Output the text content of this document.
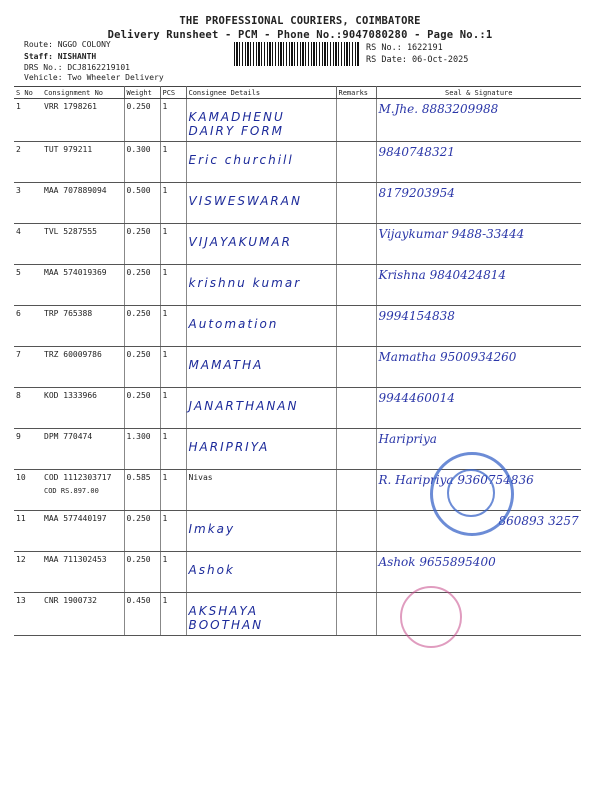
THE PROFESSIONAL COURIERS, COIMBATORE
Delivery Runsheet - PCM - Phone No.:9047080280 - Page No.:1
Route: NGGO COLONY
Staff: NISHANTH
DRS No.: DCJ8162219101
Vehicle: Two Wheeler Delivery
RS No.: 1622191
RS Date: 06-Oct-2025
S No	Consignment No	Weight	PCS	Consignee Details	Remarks	Seal & Signature
1	VRR 1798261	0.250	1	KAMADHENU DAIRY FORM		M.Jhe. 8883209988

2	TUT 979211	0.300	1	Eric churchill		9840748321

3	MAA 707889094	0.500	1	VISWESWARAN		8179203954

4	TVL 5287555	0.250	1	VIJAYAKUMAR		Vijaykumar 9488-33444

5	MAA 574019369	0.250	1	krishnu kumar		Krishna 9840424814

6	TRP 765388	0.250	1	Automation		9994154838

7	TRZ 60009786	0.250	1	MAMATHA		Mamatha 9500934260

8	KOD 1333966	0.250	1	JANARTHANAN		9944460014

9	DPM 770474	1.300	1	HARIPRIYA		Haripriya

10	COD 1112303717
COD RS.897.00	0.585	1	Nivas		R. Haripriya 9360754836

11	MAA 577440197	0.250	1	Imkay		860893 3257

12	MAA 711302453	0.250	1	Ashok		Ashok 9655895400

13	CNR 1900732	0.450	1	AKSHAYA BOOTHAN		
